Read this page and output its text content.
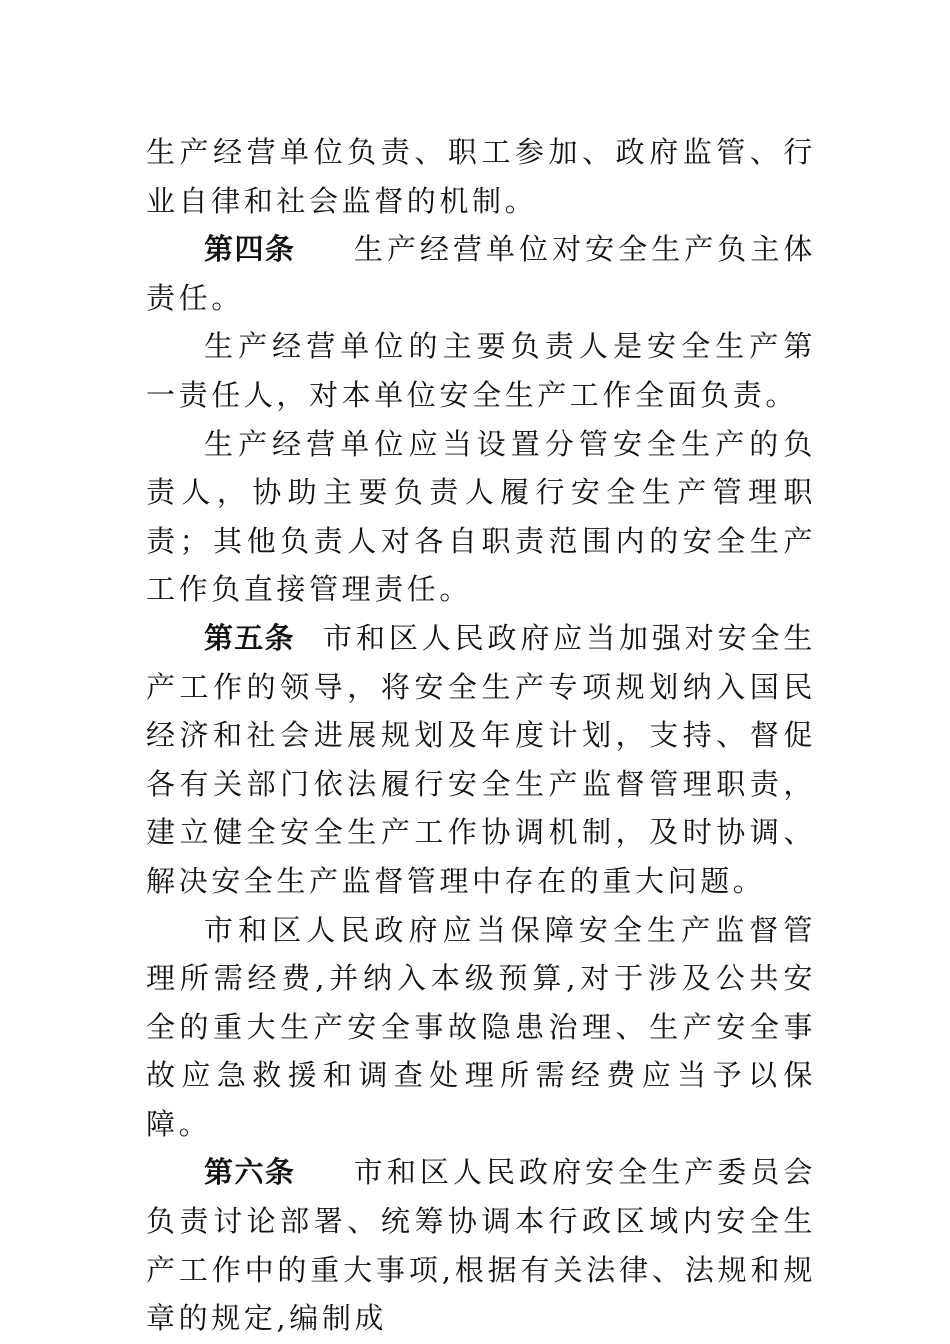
生产经营单位负责、职工参加、政府监管、行业自律和社会监督的机制。

第四条 生产经营单位对安全生产负主体责任。

生产经营单位的主要负责人是安全生产第一责任人，对本单位安全生产工作全面负责。

生产经营单位应当设置分管安全生产的负责人，协助主要负责人履行安全生产管理职责；其他负责人对各自职责范围内的安全生产工作负直接管理责任。

第五条 市和区人民政府应当加强对安全生产工作的领导，将安全生产专项规划纳入国民经济和社会进展规划及年度计划，支持、督促各有关部门依法履行安全生产监督管理职责，建立健全安全生产工作协调机制，及时协调、解决安全生产监督管理中存在的重大问题。

市和区人民政府应当保障安全生产监督管理所需经费,并纳入本级预算,对于涉及公共安全的重大生产安全事故隐患治理、生产安全事故应急救援和调查处理所需经费应当予以保障。

第六条 市和区人民政府安全生产委员会负责讨论部署、统筹协调本行政区域内安全生产工作中的重大事项,根据有关法律、法规和规章的规定,编制成
